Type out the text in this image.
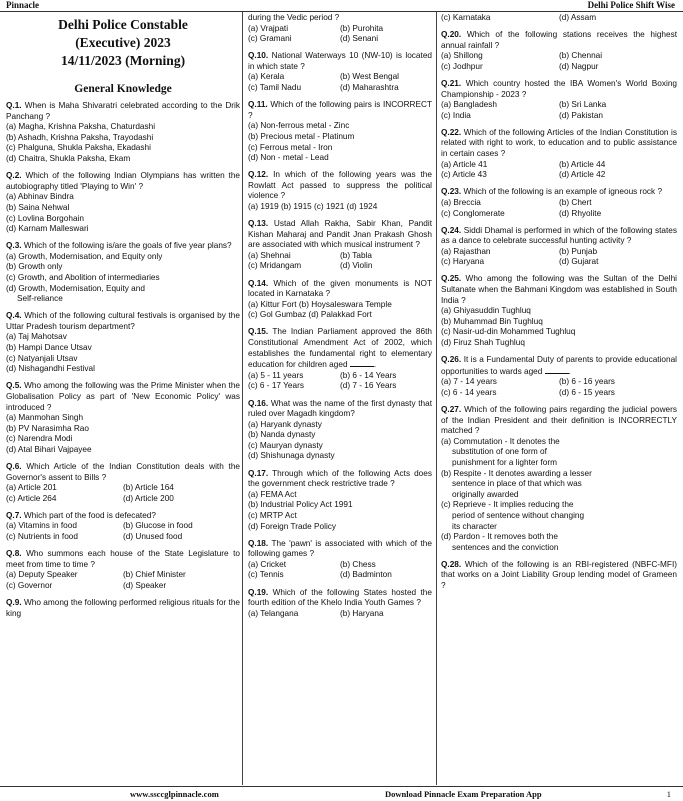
Pinnacle	Delhi Police Shift Wise
Delhi Police Constable
(Executive) 2023
14/11/2023 (Morning)
General Knowledge
Q.1. When is Maha Shivaratri celebrated according to the Drik Panchang ?
(a) Magha, Krishna Paksha, Chaturdashi
(b) Ashadh, Krishna Paksha, Trayodashi
(c) Phalguna, Shukla Paksha, Ekadashi
(d) Chaitra, Shukla Paksha, Ekam
Q.2. Which of the following Indian Olympians has written the autobiography titled 'Playing to Win' ?
(a) Abhinav Bindra
(b) Saina Nehwal
(c) Lovlina Borgohain
(d) Karnam Malleswari
Q.3. Which of the following is/are the goals of five year plans?
(a) Growth, Modernisation, and Equity only
(b) Growth only
(c) Growth, and Abolition of intermediaries
(d) Growth, Modernisation, Equity and
Self-reliance
Q.4. Which of the following cultural festivals is organised by the Uttar Pradesh tourism department?
(a) Taj Mahotsav
(b) Hampi Dance Utsav
(c) Natyanjali Utsav
(d) Nishagandhi Festival
Q.5. Who among the following was the Prime Minister when the Globalisation Policy as part of 'New Economic Policy' was introduced ?
(a) Manmohan Singh
(b) PV Narasimha Rao
(c) Narendra Modi
(d) Atal Bihari Vajpayee
Q.6. Which Article of the Indian Constitution deals with the Governor's assent to Bills ?
(a) Article 201	(b) Article 164
(c) Article 264	(d) Article 200
Q.7. Which part of the food is defecated?
(a) Vitamins in food	(b) Glucose in food
(c) Nutrients in food	(d) Unused food
Q.8. Who summons each house of the State Legislature to meet from time to time ?
(a) Deputy Speaker	(b) Chief Minister
(c) Governor	(d) Speaker
Q.9. Who among the following performed religious rituals for the king
during the Vedic period ?
(a) Vrajpati	(b) Purohita
(c) Gramani	(d) Senani
Q.10. National Waterways 10 (NW-10) is located in which state ?
(a) Kerala	(b) West Bengal
(c) Tamil Nadu	(d) Maharashtra
Q.11. Which of the following pairs is INCORRECT ?
(a) Non-ferrous metal - Zinc
(b) Precious metal - Platinum
(c) Ferrous metal - Iron
(d) Non - metal - Lead
Q.12. In which of the following years was the Rowlatt Act passed to suppress the political violence ?
(a) 1919 (b) 1915 (c) 1921 (d) 1924
Q.13. Ustad Allah Rakha, Sabir Khan, Pandit Kishan Maharaj and Pandit Jnan Prakash Ghosh are associated with which musical instrument ?
(a) Shehnai	(b) Tabla
(c) Mridangam	(d) Violin
Q.14. Which of the given monuments is NOT located in Karnataka ?
(a) Kittur Fort (b) Hoysaleswara Temple
(c) Gol Gumbaz (d) Palakkad Fort
Q.15. The Indian Parliament approved the 86th Constitutional Amendment Act of 2002, which establishes the fundamental right to elementary education for children aged	.
(a) 5 - 11 years	(b) 6 - 14 Years
(c) 6 - 17 Years	(d) 7 - 16 Years
Q.16. What was the name of the first dynasty that ruled over Magadh kingdom?
(a) Haryank dynasty
(b) Nanda dynasty
(c) Mauryan dynasty
(d) Shishunaga dynasty
Q.17. Through which of the following Acts does the government check restrictive trade ?
(a) FEMA Act
(b) Industrial Policy Act 1991
(c) MRTP Act
(d) Foreign Trade Policy
Q.18. The 'pawn' is associated with which of the following games ?
(a) Cricket	(b) Chess
(c) Tennis	(d) Badminton
Q.19. Which of the following States hosted the fourth edition of the Khelo India Youth Games ?
(a) Telangana	(b) Haryana
(c) Karnataka	(d) Assam
Q.20. Which of the following stations receives the highest annual rainfall ?
(a) Shillong	(b) Chennai
(c) Jodhpur	(d) Nagpur
Q.21. Which country hosted the IBA Women's World Boxing Championship - 2023 ?
(a) Bangladesh	(b) Sri Lanka
(c) India	(d) Pakistan
Q.22. Which of the following Articles of the Indian Constitution is related with right to work, to education and to public assistance in certain cases ?
(a) Article 41	(b) Article 44
(c) Article 43	(d) Article 42
Q.23. Which of the following is an example of igneous rock ?
(a) Breccia	(b) Chert
(c) Conglomerate	(d) Rhyolite
Q.24. Siddi Dhamal is performed in which of the following states as a dance to celebrate successful hunting activity ?
(a) Rajasthan	(b) Punjab
(c) Haryana	(d) Gujarat
Q.25. Who among the following was the Sultan of the Delhi Sultanate when the Bahmani Kingdom was established in South India ?
(a) Ghiyasuddin Tughluq
(b) Muhammad Bin Tughluq
(c) Nasir-ud-din Mohammed Tughluq
(d) Firuz Shah Tughluq
Q.26. It is a Fundamental Duty of parents to provide educational opportunities to wards aged	.
(a) 7 - 14 years	(b) 6 - 16 years
(c) 6 - 14 years	(d) 6 - 15 years
Q.27. Which of the following pairs regarding the judicial powers of the Indian President and their definition is INCORRECTLY matched ?
(a) Commutation - It denotes the
substitution of one form of
punishment for a lighter form
(b) Respite - It denotes awarding a lesser
sentence in place of that which was
originally awarded
(c) Reprieve - It implies reducing the
period of sentence without changing
its character
(d) Pardon - It removes both the
sentences and the conviction
Q.28. Which of the following is an RBI-registered (NBFC-MFI) that works on a Joint Liability Group lending model of Grameen ?
www.ssccglpinnacle.com	Download Pinnacle Exam Preparation App	1
